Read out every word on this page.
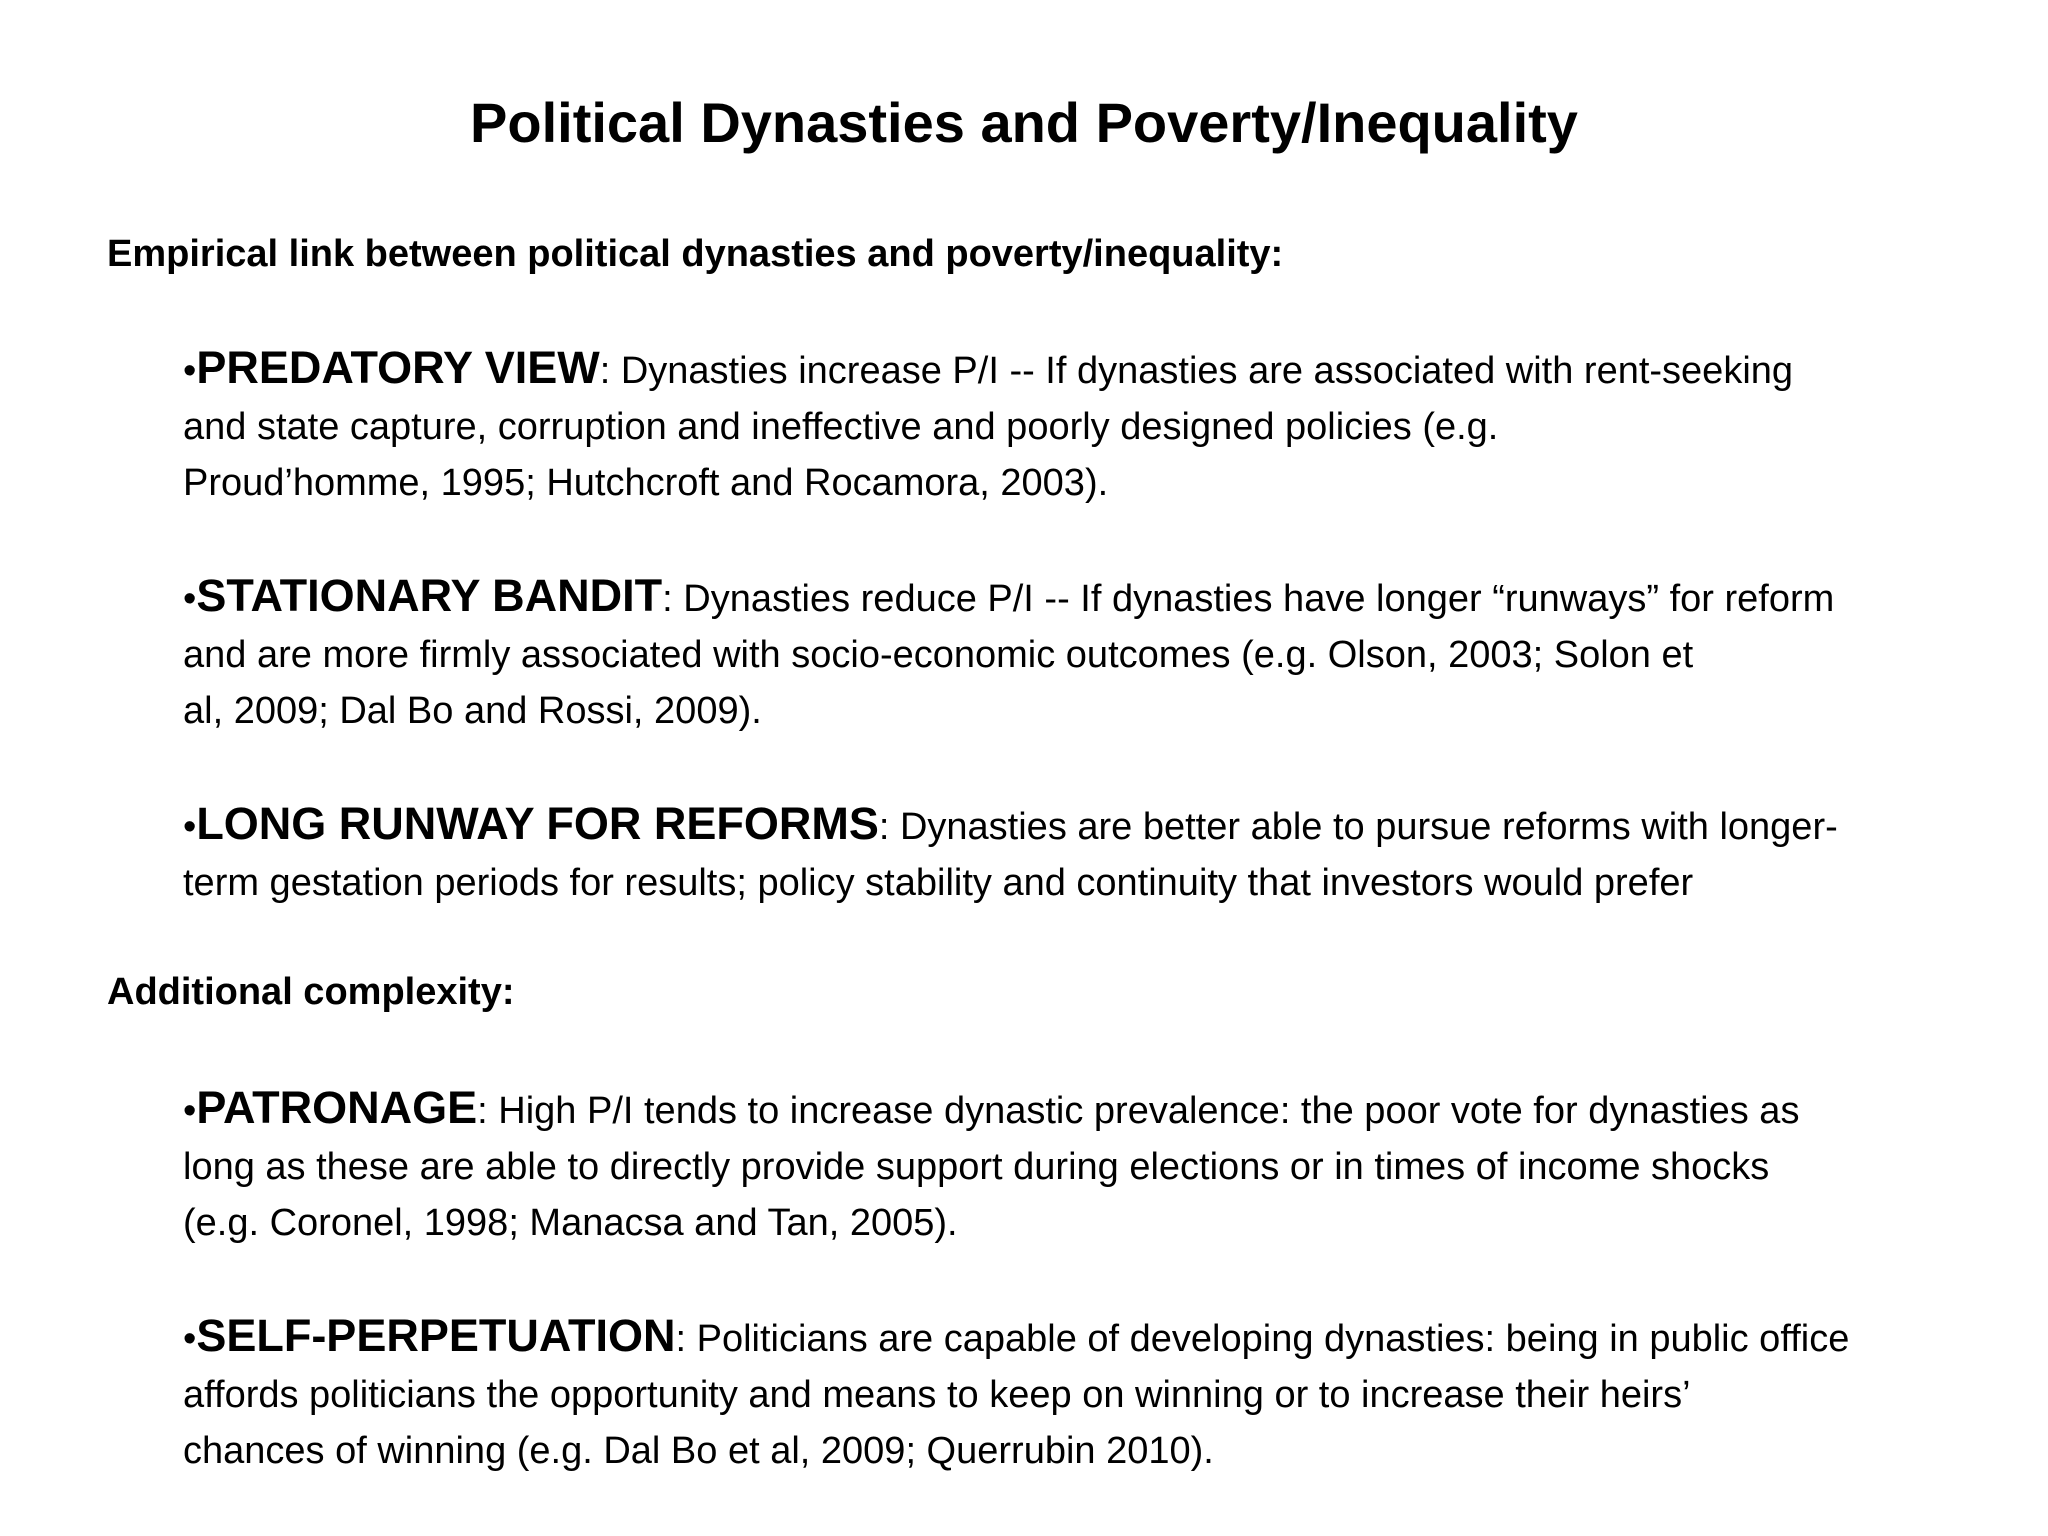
Political Dynasties and Poverty/Inequality
Empirical link between political dynasties and poverty/inequality:
•PREDATORY VIEW: Dynasties increase P/I -- If dynasties are associated with rent-seeking
and state capture, corruption and ineffective and poorly designed policies (e.g.
Proud’homme, 1995; Hutchcroft and Rocamora, 2003).
•STATIONARY BANDIT: Dynasties reduce P/I -- If dynasties have longer “runways” for reform
and are more firmly associated with socio-economic outcomes (e.g. Olson, 2003; Solon et
al, 2009; Dal Bo and Rossi, 2009).
•LONG RUNWAY FOR REFORMS: Dynasties are better able to pursue reforms with longer-
term gestation periods for results; policy stability and continuity that investors would prefer
Additional complexity:
•PATRONAGE: High P/I tends to increase dynastic prevalence: the poor vote for dynasties as
long as these are able to directly provide support during elections or in times of income shocks
(e.g. Coronel, 1998; Manacsa and Tan, 2005).
•SELF-PERPETUATION: Politicians are capable of developing dynasties: being in public office
affords politicians the opportunity and means to keep on winning or to increase their heirs’
chances of winning (e.g. Dal Bo et al, 2009; Querrubin 2010).
